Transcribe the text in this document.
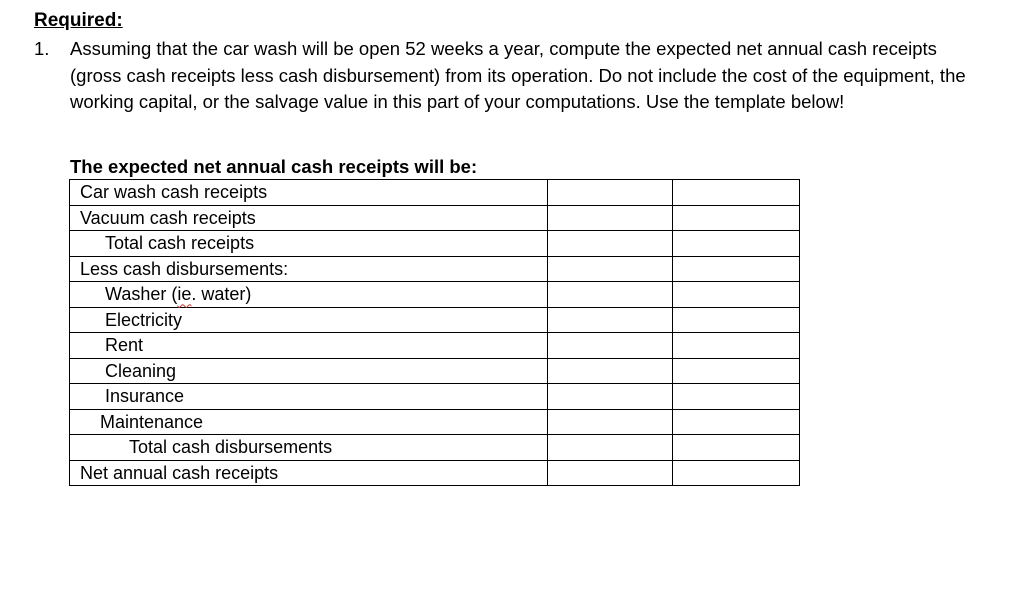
Required:
1. Assuming that the car wash will be open 52 weeks a year, compute the expected net annual cash receipts (gross cash receipts less cash disbursement) from its operation. Do not include the cost of the equipment, the working capital, or the salvage value in this part of your computations. Use the template below!
The expected net annual cash receipts will be:
Car wash cash receipts		
Vacuum cash receipts		
Total cash receipts		
Less cash disbursements:		
Washer (ie. water)		
Electricity		
Rent		
Cleaning		
Insurance		
Maintenance		
Total cash disbursements		
Net annual cash receipts		
